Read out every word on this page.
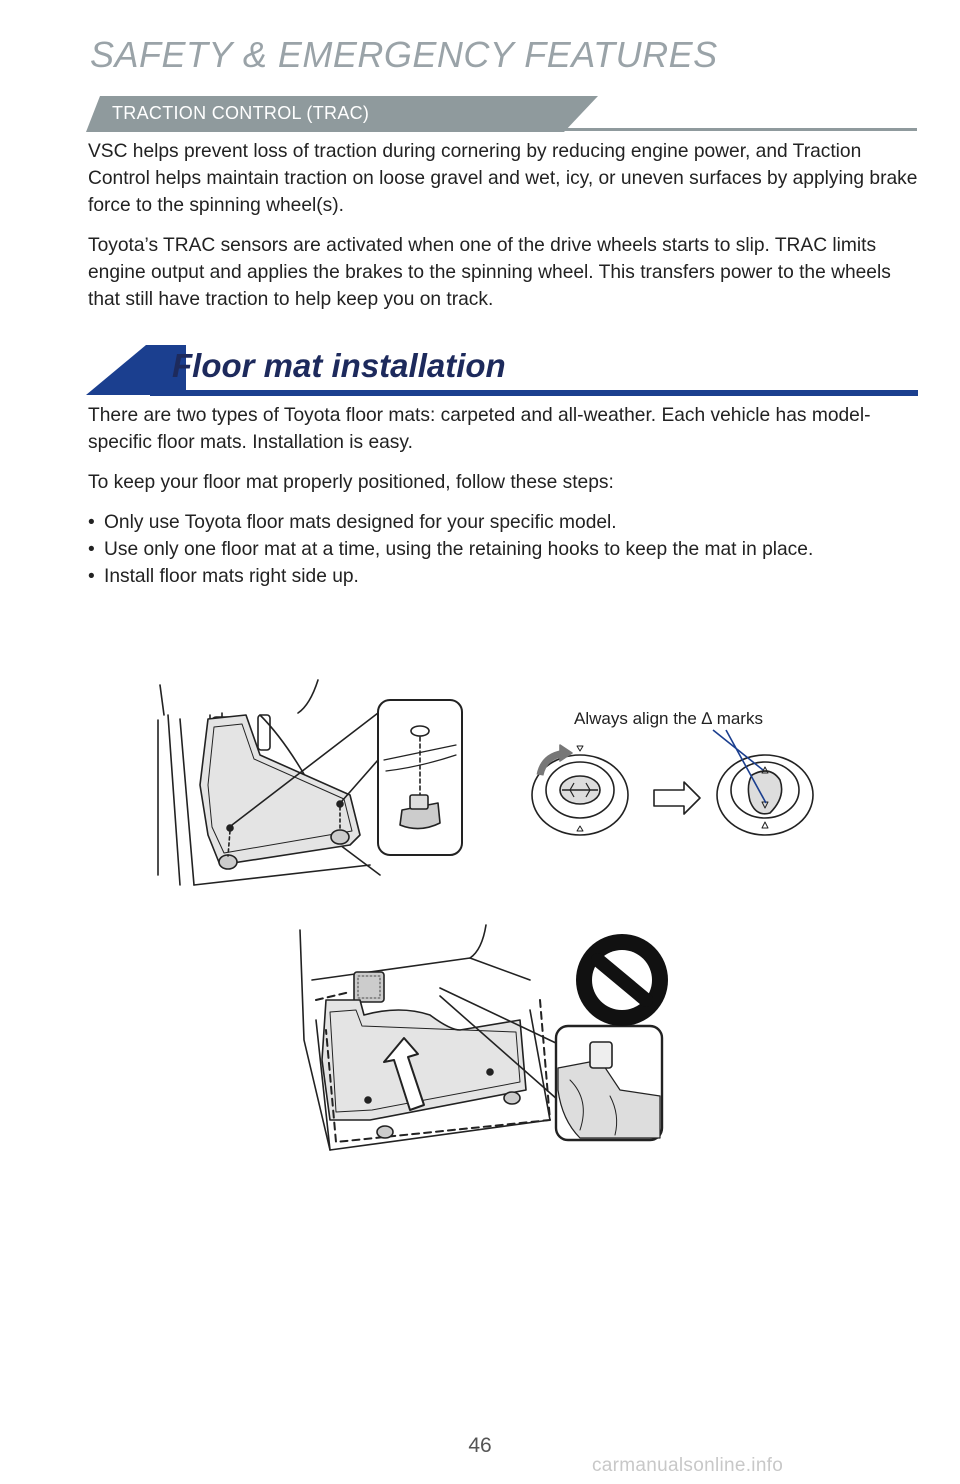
SAFETY & EMERGENCY FEATURES
TRACTION CONTROL (TRAC)

VSC helps prevent loss of traction during cornering by reducing engine power, and Traction Control helps maintain traction on loose gravel and wet, icy, or uneven surfaces by applying brake force to the spinning wheel(s).

Toyota’s TRAC sensors are activated when one of the drive wheels starts to slip. TRAC limits engine output and applies the brakes to the spinning wheel. This transfers power to the wheels that still have traction to help keep you on track.

Floor mat installation

There are two types of Toyota floor mats: carpeted and all-weather. Each vehicle has model-specific floor mats. Installation is easy.

To keep your floor mat properly positioned, follow these steps:

• Only use Toyota floor mats designed for your specific model.
• Use only one floor mat at a time, using the retaining hooks to keep the mat in place.
• Install floor mats right side up.
Always align the ∆ marks
46
carmanualsonline.info
